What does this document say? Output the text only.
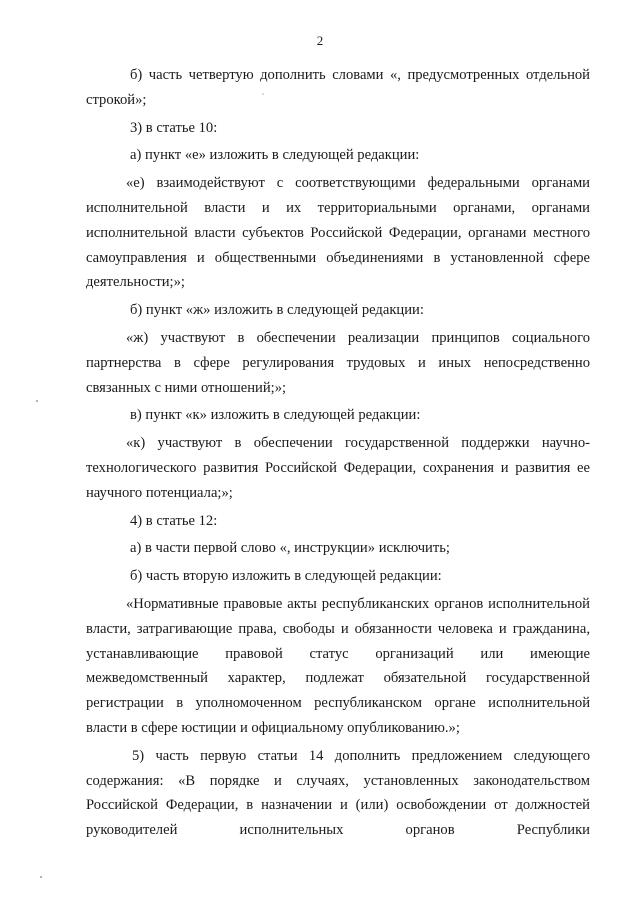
2

б) часть четвертую дополнить словами «, предусмотренных отдельной строкой»;

3) в статье 10:

а) пункт «е» изложить в следующей редакции:

«е) взаимодействуют с соответствующими федеральными органами исполнительной власти и их территориальными органами, органами исполнительной власти субъектов Российской Федерации, органами местного самоуправления и общественными объединениями в установленной сфере деятельности;»;

б) пункт «ж» изложить в следующей редакции:

«ж) участвуют в обеспечении реализации принципов социального партнерства в сфере регулирования трудовых и иных непосредственно связанных с ними отношений;»;

в) пункт «к» изложить в следующей редакции:

«к) участвуют в обеспечении государственной поддержки научно-технологического развития Российской Федерации, сохранения и развития ее научного потенциала;»;

4) в статье 12:

а) в части первой слово «, инструкции» исключить;

б) часть вторую изложить в следующей редакции:

«Нормативные правовые акты республиканских органов исполнительной власти, затрагивающие права, свободы и обязанности человека и гражданина, устанавливающие правовой статус организаций или имеющие межведомственный характер, подлежат обязательной государственной регистрации в уполномоченном республиканском органе исполнительной власти в сфере юстиции и официальному опубликованию.»;

5) часть первую статьи 14 дополнить предложением следующего содержания: «В порядке и случаях, установленных законодательством Российской Федерации, в назначении и (или) освобождении от должностей руководителей исполнительных органов Республики
